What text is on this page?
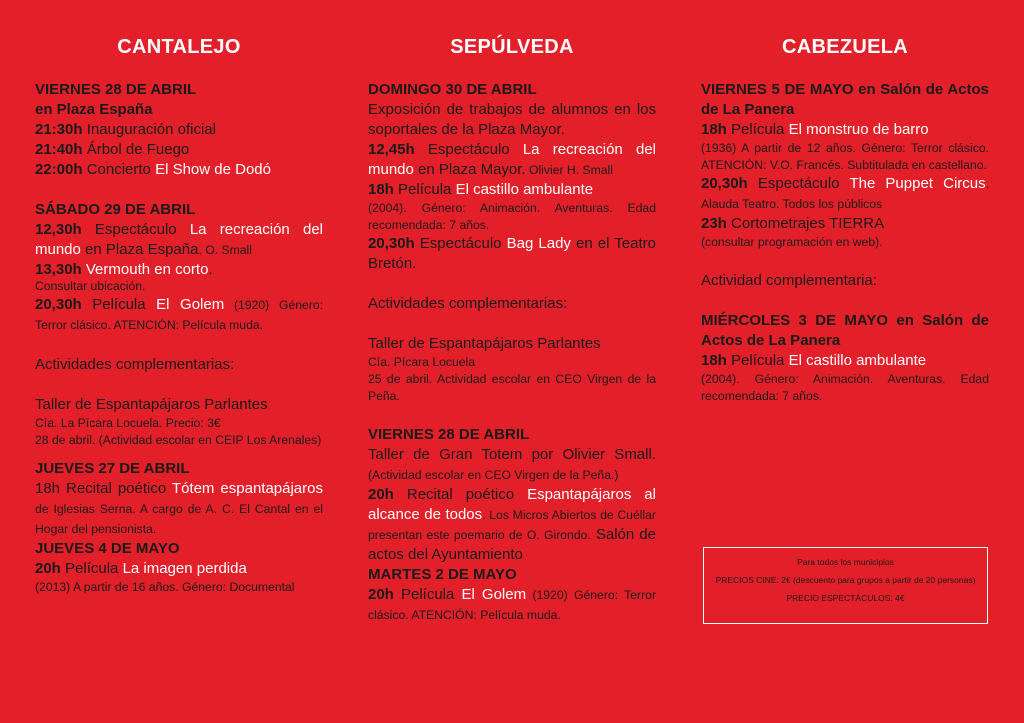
CANTALEJO

VIERNES 28 DE ABRIL

en Plaza España

21:30h Inauguración oficial

21:40h Árbol de Fuego

22:00h Concierto El Show de Dodó

SÁBADO 29 DE ABRIL

12,30h Espectáculo La recreación del mundo en Plaza España. O. Small

13,30h Vermouth en corto.

Consultar ubicación.

20,30h Película El Golem (1920) Género: Terror clásico. ATENCIÓN: Película muda.

Actividades complementarias:

Taller de Espantapájaros Parlantes

Cía. La Pícara Locuela. Precio: 3€

28 de abril. (Actividad escolar en CEIP Los Arenales)

JUEVES 27 DE ABRIL

18h Recital poético Tótem espantapájaros de Iglesias Serna. A cargo de A. C. El Cantal en el Hogar del pensionista.

JUEVES 4 DE MAYO

20h Película La imagen perdida

(2013) A partir de 16 años. Género: Documental

SEPÚLVEDA

DOMINGO 30 DE ABRIL

Exposición de trabajos de alumnos en los soportales de la Plaza Mayor.

12,45h Espectáculo La recreación del mundo en Plaza Mayor. Olivier H. Small

18h Película El castillo ambulante

(2004). Género: Animación. Aventuras. Edad recomendada: 7 años.

20,30h Espectáculo Bag Lady en el Teatro Bretón.

Actividades complementarias:

Taller de Espantapájaros Parlantes

Cía. Pícara Locuela

25 de abril. Actividad escolar en CEO Virgen de la Peña.

VIERNES 28 DE ABRIL

Taller de Gran Totem por Olivier Small. (Actividad escolar en CEO Virgen de la Peña.)

20h Recital poético Espantapájaros al alcance de todos. Los Micros Abiertos de Cuéllar presentan este poemario de O. Girondo. Salón de actos del Ayuntamiento

MARTES 2 DE MAYO

20h Película El Golem (1920) Género: Terror clásico. ATENCIÓN: Película muda.

CABEZUELA

VIERNES 5 DE MAYO en Salón de Actos de La Panera

18h Película El monstruo de barro

(1936) A partir de 12 años. Género: Terror clásico. ATENCIÓN: V.O. Francés. Subtitulada en castellano.

20,30h Espectáculo The Puppet Circus. Alauda Teatro. Todos los públicos

23h Cortometrajes TIERRA

(consultar programación en web).

Actividad complementaria:

MIÉRCOLES 3 DE MAYO en Salón de Actos de La Panera

18h Película El castillo ambulante

(2004). Género: Animación. Aventuras. Edad recomendada: 7 años.

Para todos los municipios

PRECIOS CINE: 2€ (descuento para grupos a partir de 20 personas)

PRECIO ESPECTÁCULOS: 4€
